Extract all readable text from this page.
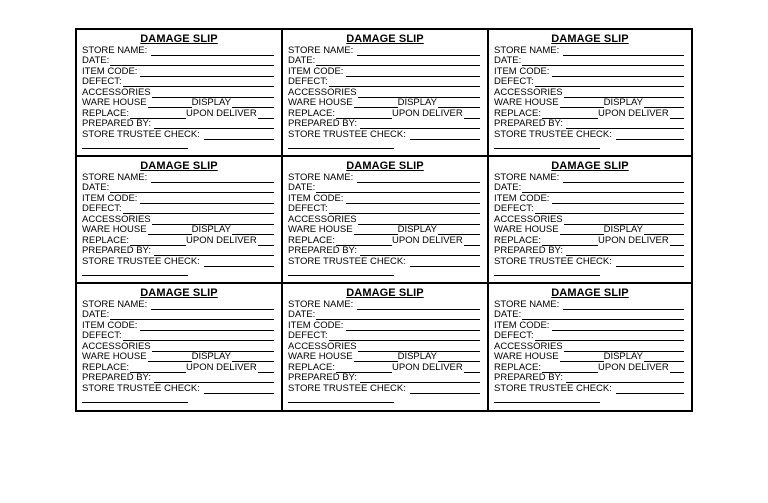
DAMAGE SLIP
STORE NAME:
DATE:
ITEM CODE:
DEFECT:
ACCESSORIES
WARE HOUSE	DISPLAY
REPLACE:	UPON DELIVER
PREPARED BY:
STORE TRUSTEE CHECK:
DAMAGE SLIP
STORE NAME:
DATE:
ITEM CODE:
DEFECT:
ACCESSORIES
WARE HOUSE	DISPLAY
REPLACE:	UPON DELIVER
PREPARED BY:
STORE TRUSTEE CHECK:
DAMAGE SLIP
STORE NAME:
DATE:
ITEM CODE:
DEFECT:
ACCESSORIES
WARE HOUSE	DISPLAY
REPLACE:	UPON DELIVER
PREPARED BY:
STORE TRUSTEE CHECK:
DAMAGE SLIP
STORE NAME:
DATE:
ITEM CODE:
DEFECT:
ACCESSORIES
WARE HOUSE	DISPLAY
REPLACE:	UPON DELIVER
PREPARED BY:
STORE TRUSTEE CHECK:
DAMAGE SLIP
STORE NAME:
DATE:
ITEM CODE:
DEFECT:
ACCESSORIES
WARE HOUSE	DISPLAY
REPLACE:	UPON DELIVER
PREPARED BY:
STORE TRUSTEE CHECK:
DAMAGE SLIP
STORE NAME:
DATE:
ITEM CODE:
DEFECT:
ACCESSORIES
WARE HOUSE	DISPLAY
REPLACE:	UPON DELIVER
PREPARED BY:
STORE TRUSTEE CHECK:
DAMAGE SLIP
STORE NAME:
DATE:
ITEM CODE:
DEFECT:
ACCESSORIES
WARE HOUSE	DISPLAY
REPLACE:	UPON DELIVER
PREPARED BY:
STORE TRUSTEE CHECK:
DAMAGE SLIP
STORE NAME:
DATE:
ITEM CODE:
DEFECT:
ACCESSORIES
WARE HOUSE	DISPLAY
REPLACE:	UPON DELIVER
PREPARED BY:
STORE TRUSTEE CHECK:
DAMAGE SLIP
STORE NAME:
DATE:
ITEM CODE:
DEFECT:
ACCESSORIES
WARE HOUSE	DISPLAY
REPLACE:	UPON DELIVER
PREPARED BY:
STORE TRUSTEE CHECK:
